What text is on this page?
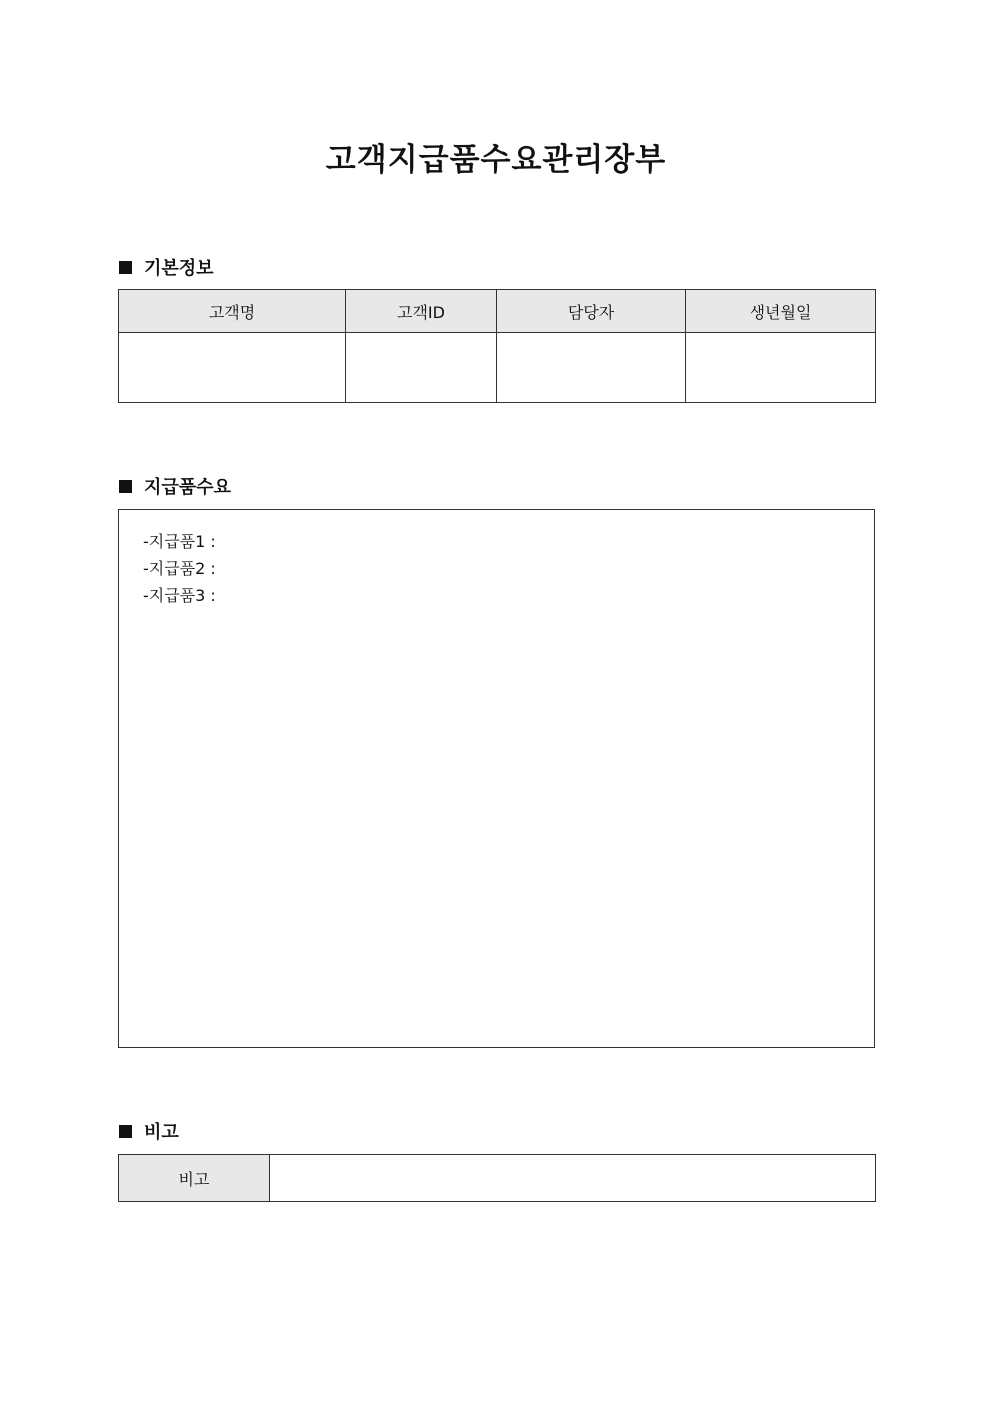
고객지급품수요관리장부
기본정보
고객명	고객ID	담당자	생년월일

지급품수요
-지급품1 :
-지급품2 :
-지급품3 :
비고
비고	
